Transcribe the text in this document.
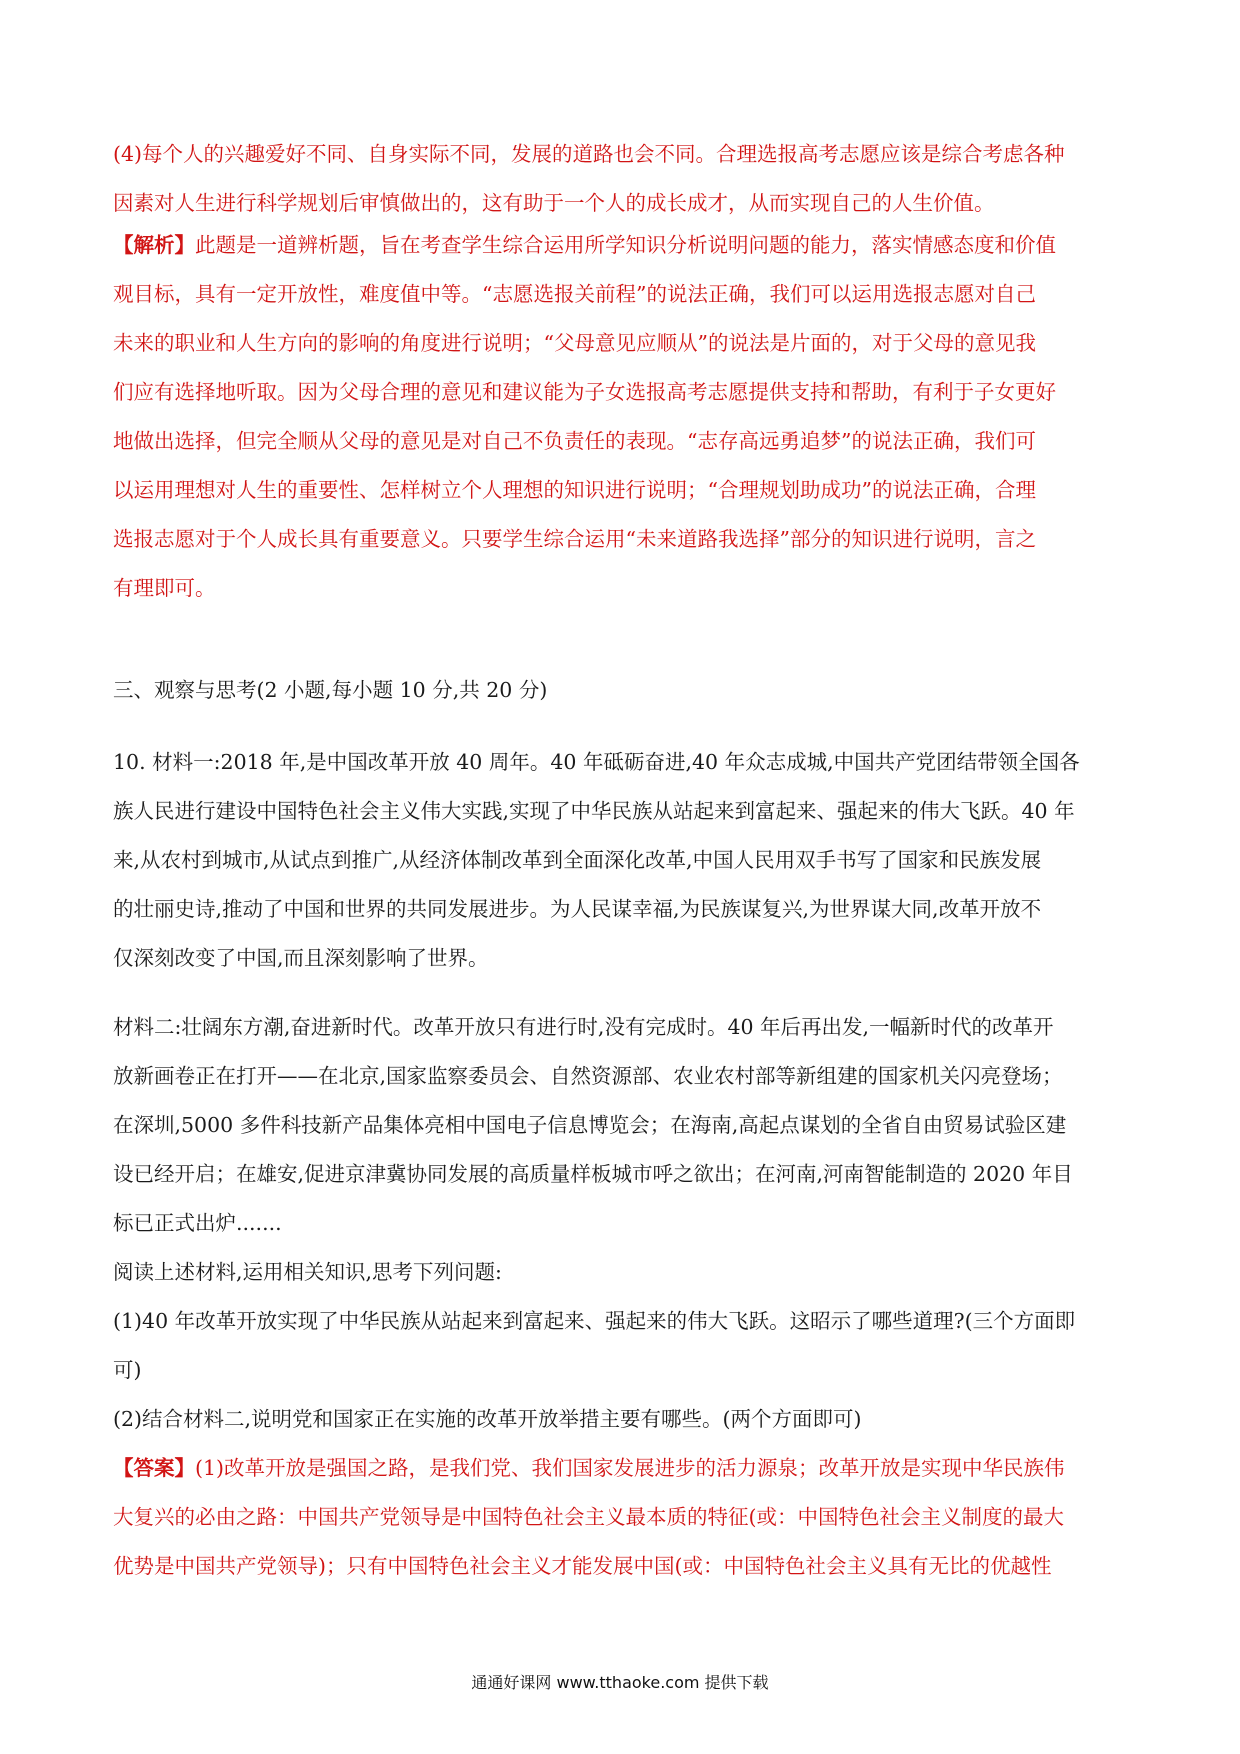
(4)每个人的兴趣爱好不同、自身实际不同，发展的道路也会不同。合理选报高考志愿应该是综合考虑各种
因素对人生进行科学规划后审慎做出的，这有助于一个人的成长成才，从而实现自己的人生价值。
【解析】此题是一道辨析题，旨在考查学生综合运用所学知识分析说明问题的能力，落实情感态度和价值
观目标，具有一定开放性，难度值中等。“志愿选报关前程”的说法正确，我们可以运用选报志愿对自己
未来的职业和人生方向的影响的角度进行说明；“父母意见应顺从”的说法是片面的，对于父母的意见我
们应有选择地听取。因为父母合理的意见和建议能为子女选报高考志愿提供支持和帮助，有利于子女更好
地做出选择，但完全顺从父母的意见是对自己不负责任的表现。“志存高远勇追梦”的说法正确，我们可
以运用理想对人生的重要性、怎样树立个人理想的知识进行说明；“合理规划助成功”的说法正确，合理
选报志愿对于个人成长具有重要意义。只要学生综合运用“未来道路我选择”部分的知识进行说明，言之
有理即可。
三、观察与思考(2 小题,每小题 10 分,共 20 分)
10. 材料一:2018 年,是中国改革开放 40 周年。40 年砥砺奋进,40 年众志成城,中国共产党团结带领全国各
族人民进行建设中国特色社会主义伟大实践,实现了中华民族从站起来到富起来、强起来的伟大飞跃。40 年
来,从农村到城市,从试点到推广,从经济体制改革到全面深化改革,中国人民用双手书写了国家和民族发展
的壮丽史诗,推动了中国和世界的共同发展进步。为人民谋幸福,为民族谋复兴,为世界谋大同,改革开放不
仅深刻改变了中国,而且深刻影响了世界。
材料二:壮阔东方潮,奋进新时代。改革开放只有进行时,没有完成时。40 年后再出发,一幅新时代的改革开
放新画卷正在打开——在北京,国家监察委员会、自然资源部、农业农村部等新组建的国家机关闪亮登场；
在深圳,5000 多件科技新产品集体亮相中国电子信息博览会；在海南,高起点谋划的全省自由贸易试验区建
设已经开启；在雄安,促进京津冀协同发展的高质量样板城市呼之欲出；在河南,河南智能制造的 2020 年目
标已正式出炉.......
阅读上述材料,运用相关知识,思考下列问题:
(1)40 年改革开放实现了中华民族从站起来到富起来、强起来的伟大飞跃。这昭示了哪些道理?(三个方面即
可)
(2)结合材料二,说明党和国家正在实施的改革开放举措主要有哪些。(两个方面即可)
【答案】(1)改革开放是强国之路，是我们党、我们国家发展进步的活力源泉；改革开放是实现中华民族伟
大复兴的必由之路：中国共产党领导是中国特色社会主义最本质的特征(或：中国特色社会主义制度的最大
优势是中国共产党领导)；只有中国特色社会主义才能发展中国(或：中国特色社会主义具有无比的优越性
通通好课网 www.tthaoke.com 提供下载
